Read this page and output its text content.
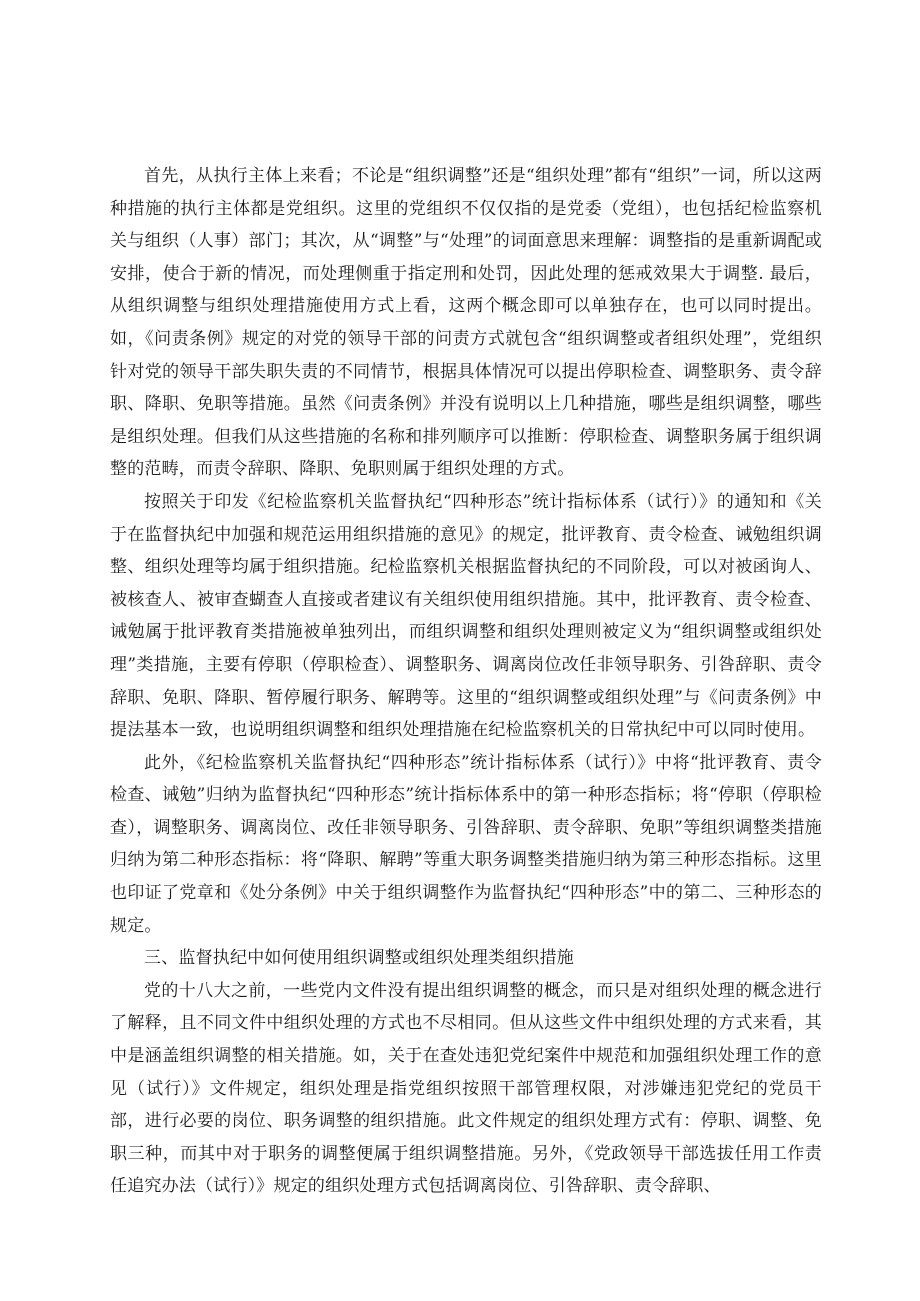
首先，从执行主体上来看；不论是“组织调整”还是“组织处理”都有“组织”一词，所以这两种措施的执行主体都是党组织。这里的党组织不仅仅指的是党委（党组），也包括纪检监察机关与组织（人事）部门；其次，从“调整”与“处理”的词面意思来理解：调整指的是重新调配或安排，使合于新的情况，而处理侧重于指定刑和处罚，因此处理的惩戒效果大于调整. 最后，从组织调整与组织处理措施使用方式上看，这两个概念即可以单独存在，也可以同时提出。如，《问责条例》规定的对党的领导干部的问责方式就包含“组织调整或者组织处理”，党组织针对党的领导干部失职失责的不同情节，根据具体情况可以提出停职检查、调整职务、责令辞职、降职、免职等措施。虽然《问责条例》并没有说明以上几种措施，哪些是组织调整，哪些是组织处理。但我们从这些措施的名称和排列顺序可以推断：停职检查、调整职务属于组织调整的范畴，而责令辞职、降职、免职则属于组织处理的方式。

按照关于印发《纪检监察机关监督执纪“四种形态”统计指标体系（试行）》的通知和《关于在监督执纪中加强和规范运用组织措施的意见》的规定，批评教育、责令检查、诫勉组织调整、组织处理等均属于组织措施。纪检监察机关根据监督执纪的不同阶段，可以对被函询人、被核查人、被审查蝴查人直接或者建议有关组织使用组织措施。其中，批评教育、责令检查、诫勉属于批评教育类措施被单独列出，而组织调整和组织处理则被定义为“组织调整或组织处理”类措施，主要有停职（停职检查）、调整职务、调离岗位改任非领导职务、引咎辞职、责令辞职、免职、降职、暂停履行职务、解聘等。这里的“组织调整或组织处理”与《问责条例》中提法基本一致，也说明组织调整和组织处理措施在纪检监察机关的日常执纪中可以同时使用。

此外，《纪检监察机关监督执纪“四种形态”统计指标体系（试行）》中将“批评教育、责令检查、诫勉”归纳为监督执纪“四种形态”统计指标体系中的第一种形态指标；将“停职（停职检查），调整职务、调离岗位、改任非领导职务、引咎辞职、责令辞职、免职”等组织调整类措施归纳为第二种形态指标：将“降职、解聘”等重大职务调整类措施归纳为第三种形态指标。这里也印证了党章和《处分条例》中关于组织调整作为监督执纪“四种形态”中的第二、三种形态的规定。

三、监督执纪中如何使用组织调整或组织处理类组织措施

党的十八大之前，一些党内文件没有提出组织调整的概念，而只是对组织处理的概念进行了解释，且不同文件中组织处理的方式也不尽相同。但从这些文件中组织处理的方式来看，其中是涵盖组织调整的相关措施。如，关于在查处违犯党纪案件中规范和加强组织处理工作的意见（试行）》文件规定，组织处理是指党组织按照干部管理权限，对涉嫌违犯党纪的党员干部，进行必要的岗位、职务调整的组织措施。此文件规定的组织处理方式有：停职、调整、免职三种，而其中对于职务的调整便属于组织调整措施。另外，《党政领导干部选拔任用工作责任追究办法（试行）》规定的组织处理方式包括调离岗位、引咎辞职、责令辞职、
